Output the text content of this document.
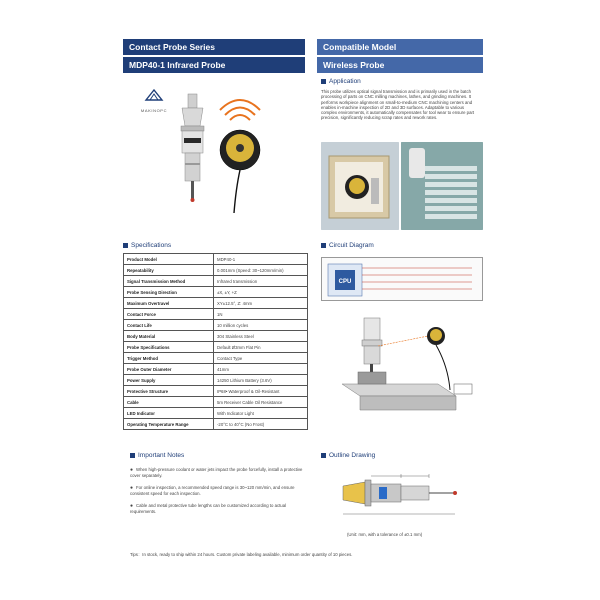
Contact Probe Series
MDP40-1 Infrared Probe
Compatible Model
Wireless Probe
MAKINOPC
Application
This probe utilizes optical signal transmission and is primarily used in the batch processing of parts on CNC milling machines, lathes, and grinding machines. It performs workpiece alignment on small-to-medium CNC machining centers and enables in-machine inspection of 2D and 3D surfaces. Adaptable to various complex environments, it automatically compensates for tool wear to ensure part precision, significantly reducing scrap rates and rework rates.
Specifications
Product Model	MDP40-1
Repeatability	0.001mm (Speed: 30~120mm/min)
Signal Transmission Method	Infrared transmission
Probe Sensing Direction	±X, ±Y, +Z
Maximum Overtravel	XY±12.5°, Z: 4mm
Contact Force	1N
Contact Life	10 million cycles
Body Material	304 Stainless Steel
Probe Specifications	Default Ø3mm Flat Pin
Trigger Method	Contact Type
Probe Outer Diameter	41mm
Power Supply	14250 Lithium Battery (3.6V)
Protective Structure	IP68• Waterproof & Oil-Resistant
Cable	5m Receiver Cable Oil Resistance
LED Indicator	With Indicator Light
Operating Temperature Range	-20°C to 40°C (No Frost)
Circuit Diagram
CPU
Important Notes
● When high-pressure coolant or water jets impact the probe forcefully, install a protective cover separately.
● For online inspection, a recommended speed range is 30~120 mm/min, and ensure consistent speed for each inspection.
● Cable and metal protective tube lengths can be customized according to actual requirements.
Outline Drawing
(Unit: mm, with a tolerance of ±0.1 mm)
Tips：In stock, ready to ship within 24 hours. Custom private labeling available, minimum order quantity of 10 pieces.
